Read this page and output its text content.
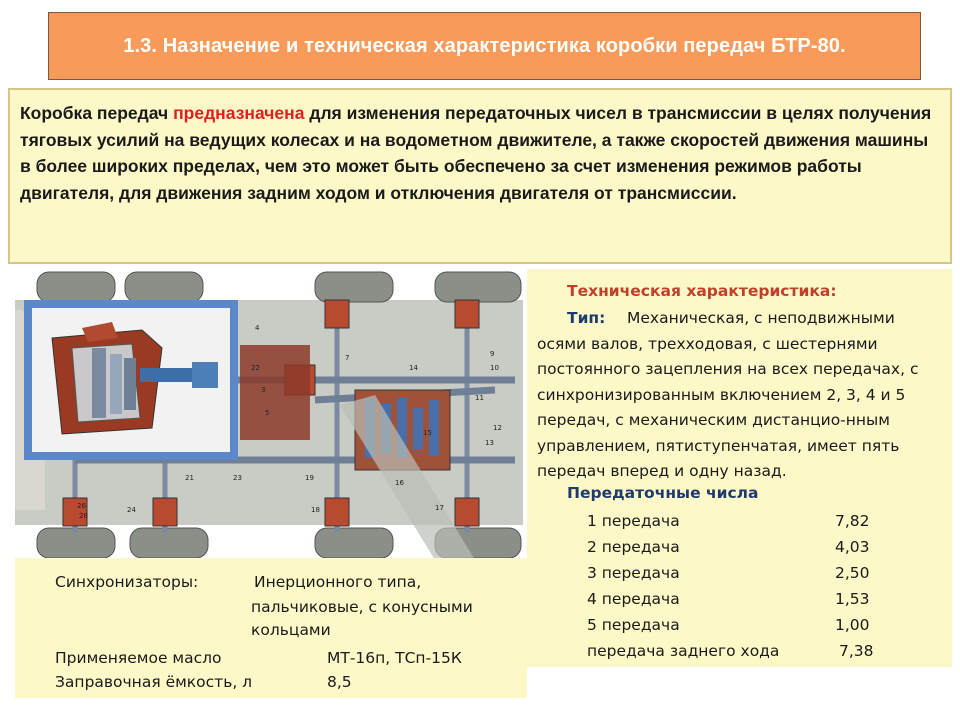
1.3. Назначение и техническая характеристика коробки передач БТР-80.
Коробка передач предназначена для изменения передаточных чисел в трансмиссии в целях получения тяговых усилий на ведущих колесах и на водометном движителе, а также скоростей движения машины в более широких пределах, чем это может быть обеспечено за счет изменения режимов работы двигателя, для движения задним ходом и отключения двигателя от трансмиссии.
22
3
10
9
12
17
18
24
23
26
28
11
13
5
4
7
14
15
16
19
21
Техническая характеристика:
Тип: Механическая, с неподвижными осями валов, трехходовая, с шестернями постоянного зацепления на всех передачах, с синхронизированным включением 2, 3, 4 и 5 передач, с механическим дистанцио-нным управлением, пятиступенчатая, имеет пять передач вперед и одну назад.
Передаточные числа
1 передача	7,82
2 передача	4,03
3 передача	2,50
4 передача	1,53
5 передача	1,00
передача заднего хода	7,38
Синхронизаторы:	Инерционного типа,
пальчиковые, с конусными
кольцами
Применяемое масло	МТ-16п, ТСп-15К
Заправочная ёмкость, л	8,5
